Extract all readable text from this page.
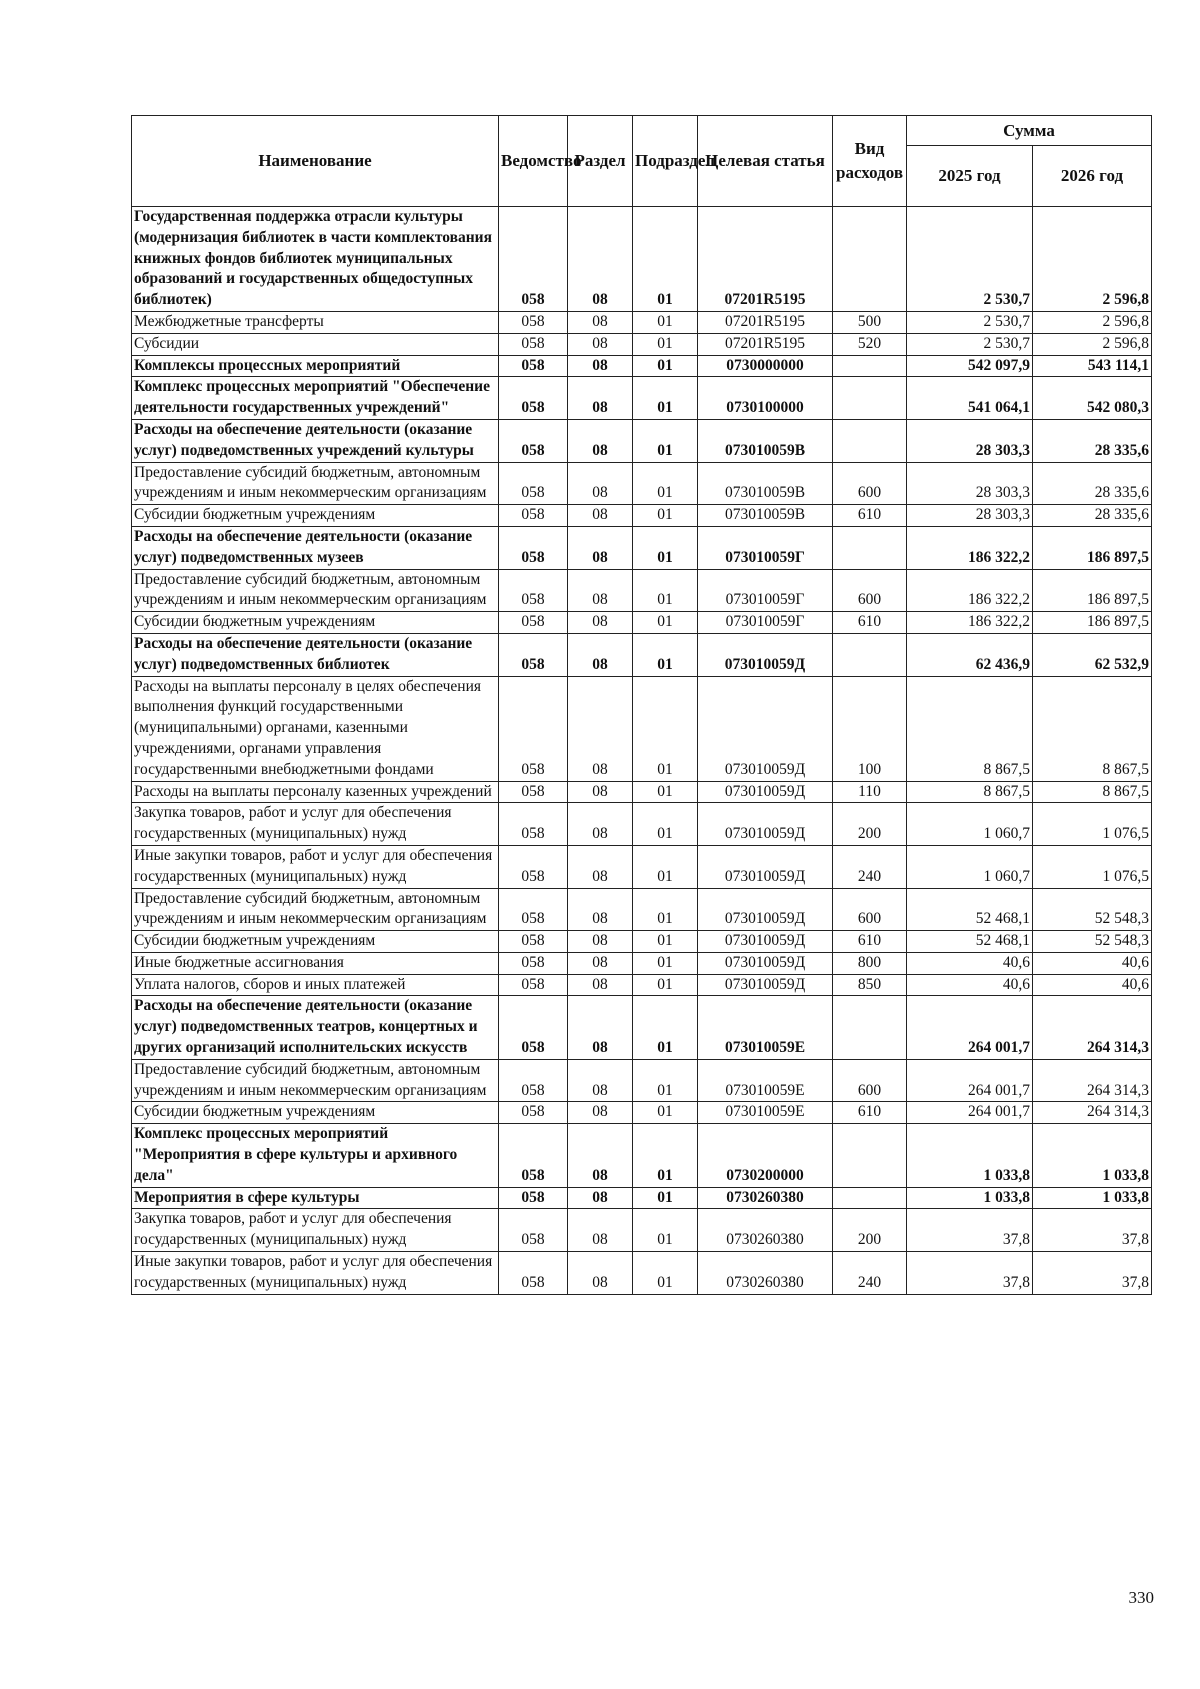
Наименование	Ведомство	Раздел	Подраздел	Целевая статья	Вид расходов	Сумма	
						2025 год	2026 год
Государственная поддержка отрасли культуры (модернизация библиотек в части комплектования книжных фондов библиотек муниципальных образований и государственных общедоступных библиотек)	058	08	01	07201R5195		2 530,7	2 596,8
Межбюджетные трансферты	058	08	01	07201R5195	500	2 530,7	2 596,8
Субсидии	058	08	01	07201R5195	520	2 530,7	2 596,8
Комплексы процессных мероприятий	058	08	01	0730000000		542 097,9	543 114,1
Комплекс процессных мероприятий "Обеспечение деятельности государственных учреждений"	058	08	01	0730100000		541 064,1	542 080,3
Расходы на обеспечение деятельности (оказание услуг) подведомственных учреждений культуры	058	08	01	073010059В		28 303,3	28 335,6
Предоставление субсидий бюджетным, автономным учреждениям и иным некоммерческим организациям	058	08	01	073010059В	600	28 303,3	28 335,6
Субсидии бюджетным учреждениям	058	08	01	073010059В	610	28 303,3	28 335,6
Расходы на обеспечение деятельности (оказание услуг) подведомственных музеев	058	08	01	073010059Г		186 322,2	186 897,5
Предоставление субсидий бюджетным, автономным учреждениям и иным некоммерческим организациям	058	08	01	073010059Г	600	186 322,2	186 897,5
Субсидии бюджетным учреждениям	058	08	01	073010059Г	610	186 322,2	186 897,5
Расходы на обеспечение деятельности (оказание услуг) подведомственных библиотек	058	08	01	073010059Д		62 436,9	62 532,9
Расходы на выплаты персоналу в целях обеспечения выполнения функций государственными (муниципальными) органами, казенными учреждениями, органами управления государственными внебюджетными фондами	058	08	01	073010059Д	100	8 867,5	8 867,5
Расходы на выплаты персоналу казенных учреждений	058	08	01	073010059Д	110	8 867,5	8 867,5
Закупка товаров, работ и услуг для обеспечения государственных (муниципальных) нужд	058	08	01	073010059Д	200	1 060,7	1 076,5
Иные закупки товаров, работ и услуг для обеспечения государственных (муниципальных) нужд	058	08	01	073010059Д	240	1 060,7	1 076,5
Предоставление субсидий бюджетным, автономным учреждениям и иным некоммерческим организациям	058	08	01	073010059Д	600	52 468,1	52 548,3
Субсидии бюджетным учреждениям	058	08	01	073010059Д	610	52 468,1	52 548,3
Иные бюджетные ассигнования	058	08	01	073010059Д	800	40,6	40,6
Уплата налогов, сборов и иных платежей	058	08	01	073010059Д	850	40,6	40,6
Расходы на обеспечение деятельности (оказание услуг) подведомственных театров, концертных и других организаций исполнительских искусств	058	08	01	073010059Е		264 001,7	264 314,3
Предоставление субсидий бюджетным, автономным учреждениям и иным некоммерческим организациям	058	08	01	073010059Е	600	264 001,7	264 314,3
Субсидии бюджетным учреждениям	058	08	01	073010059Е	610	264 001,7	264 314,3
Комплекс процессных мероприятий "Мероприятия в сфере культуры и архивного дела"	058	08	01	0730200000		1 033,8	1 033,8
Мероприятия в сфере культуры	058	08	01	0730260380		1 033,8	1 033,8
Закупка товаров, работ и услуг для обеспечения государственных (муниципальных) нужд	058	08	01	0730260380	200	37,8	37,8
Иные закупки товаров, работ и услуг для обеспечения государственных (муниципальных) нужд	058	08	01	0730260380	240	37,8	37,8
330
